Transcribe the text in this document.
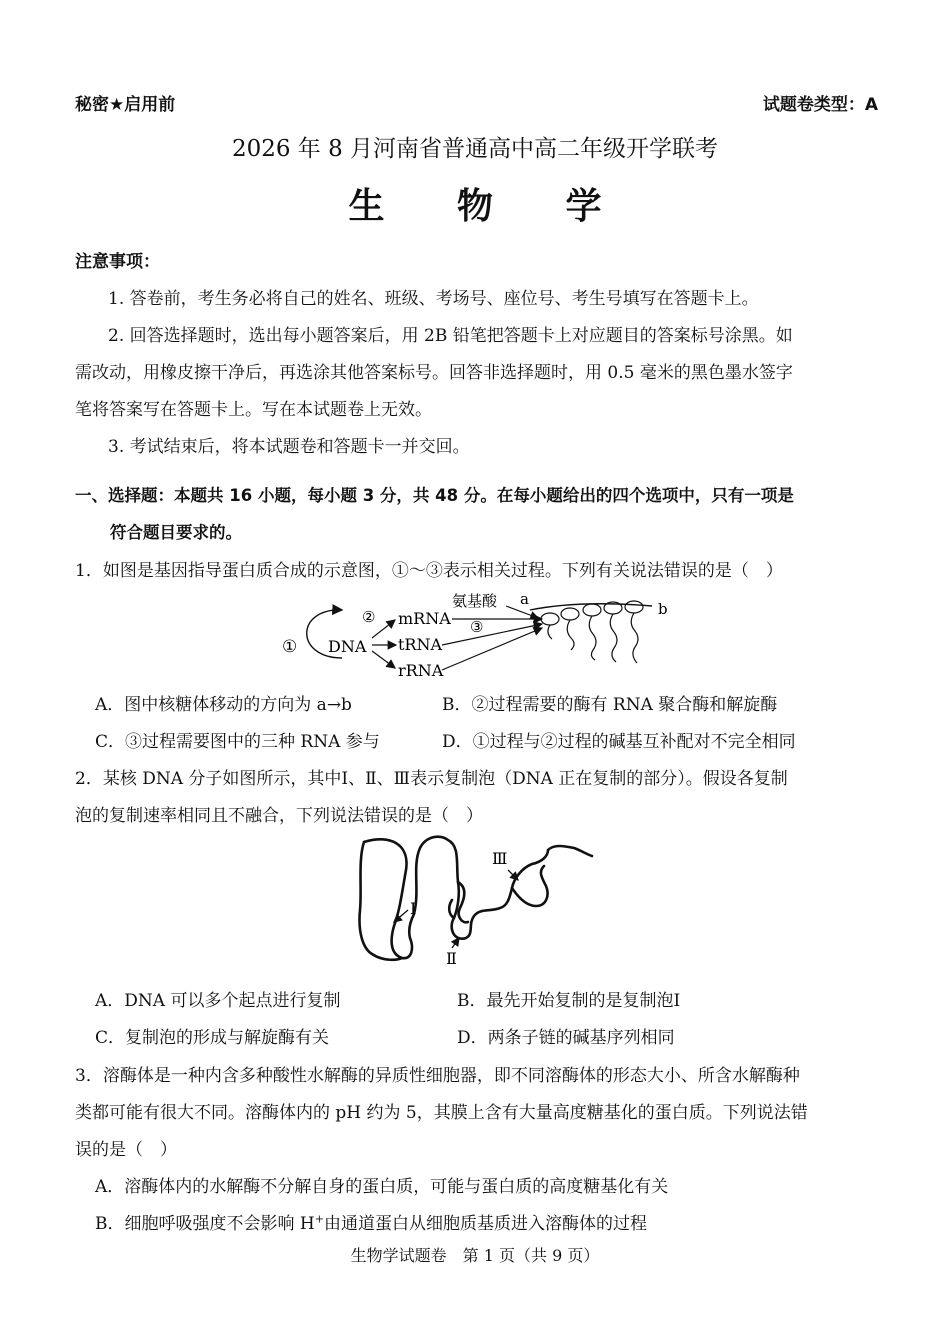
秘密★启用前	试题卷类型：A
2026 年 8 月河南省普通高中高二年级开学联考
生 物 学
注意事项：
1. 答卷前，考生务必将自己的姓名、班级、考场号、座位号、考生号填写在答题卡上。
2. 回答选择题时，选出每小题答案后，用 2B 铅笔把答题卡上对应题目的答案标号涂黑。如
需改动，用橡皮擦干净后，再选涂其他答案标号。回答非选择题时，用 0.5 毫米的黑色墨水签字
笔将答案写在答题卡上。写在本试题卷上无效。
3. 考试结束后，将本试题卷和答题卡一并交回。
一、选择题：本题共 16 小题，每小题 3 分，共 48 分。在每小题给出的四个选项中，只有一项是
符合题目要求的。
1．如图是基因指导蛋白质合成的示意图，①～③表示相关过程。下列有关说法错误的是（　）
① DNA
② mRNA
tRNA
rRNA
氨基酸
③
a
b
A．图中核糖体移动的方向为 a→b	B．②过程需要的酶有 RNA 聚合酶和解旋酶
C．③过程需要图中的三种 RNA 参与	D．①过程与②过程的碱基互补配对不完全相同
2．某核 DNA 分子如图所示，其中Ⅰ、Ⅱ、Ⅲ表示复制泡（DNA 正在复制的部分）。假设各复制
泡的复制速率相同且不融合，下列说法错误的是（　）
Ⅰ
Ⅱ
Ⅲ
A．DNA 可以多个起点进行复制	B．最先开始复制的是复制泡Ⅰ
C．复制泡的形成与解旋酶有关	D．两条子链的碱基序列相同
3．溶酶体是一种内含多种酸性水解酶的异质性细胞器，即不同溶酶体的形态大小、所含水解酶种
类都可能有很大不同。溶酶体内的 pH 约为 5，其膜上含有大量高度糖基化的蛋白质。下列说法错
误的是（　）
A．溶酶体内的水解酶不分解自身的蛋白质，可能与蛋白质的高度糖基化有关
B．细胞呼吸强度不会影响 H+由通道蛋白从细胞质基质进入溶酶体的过程
生物学试题卷　第 1 页（共 9 页）
